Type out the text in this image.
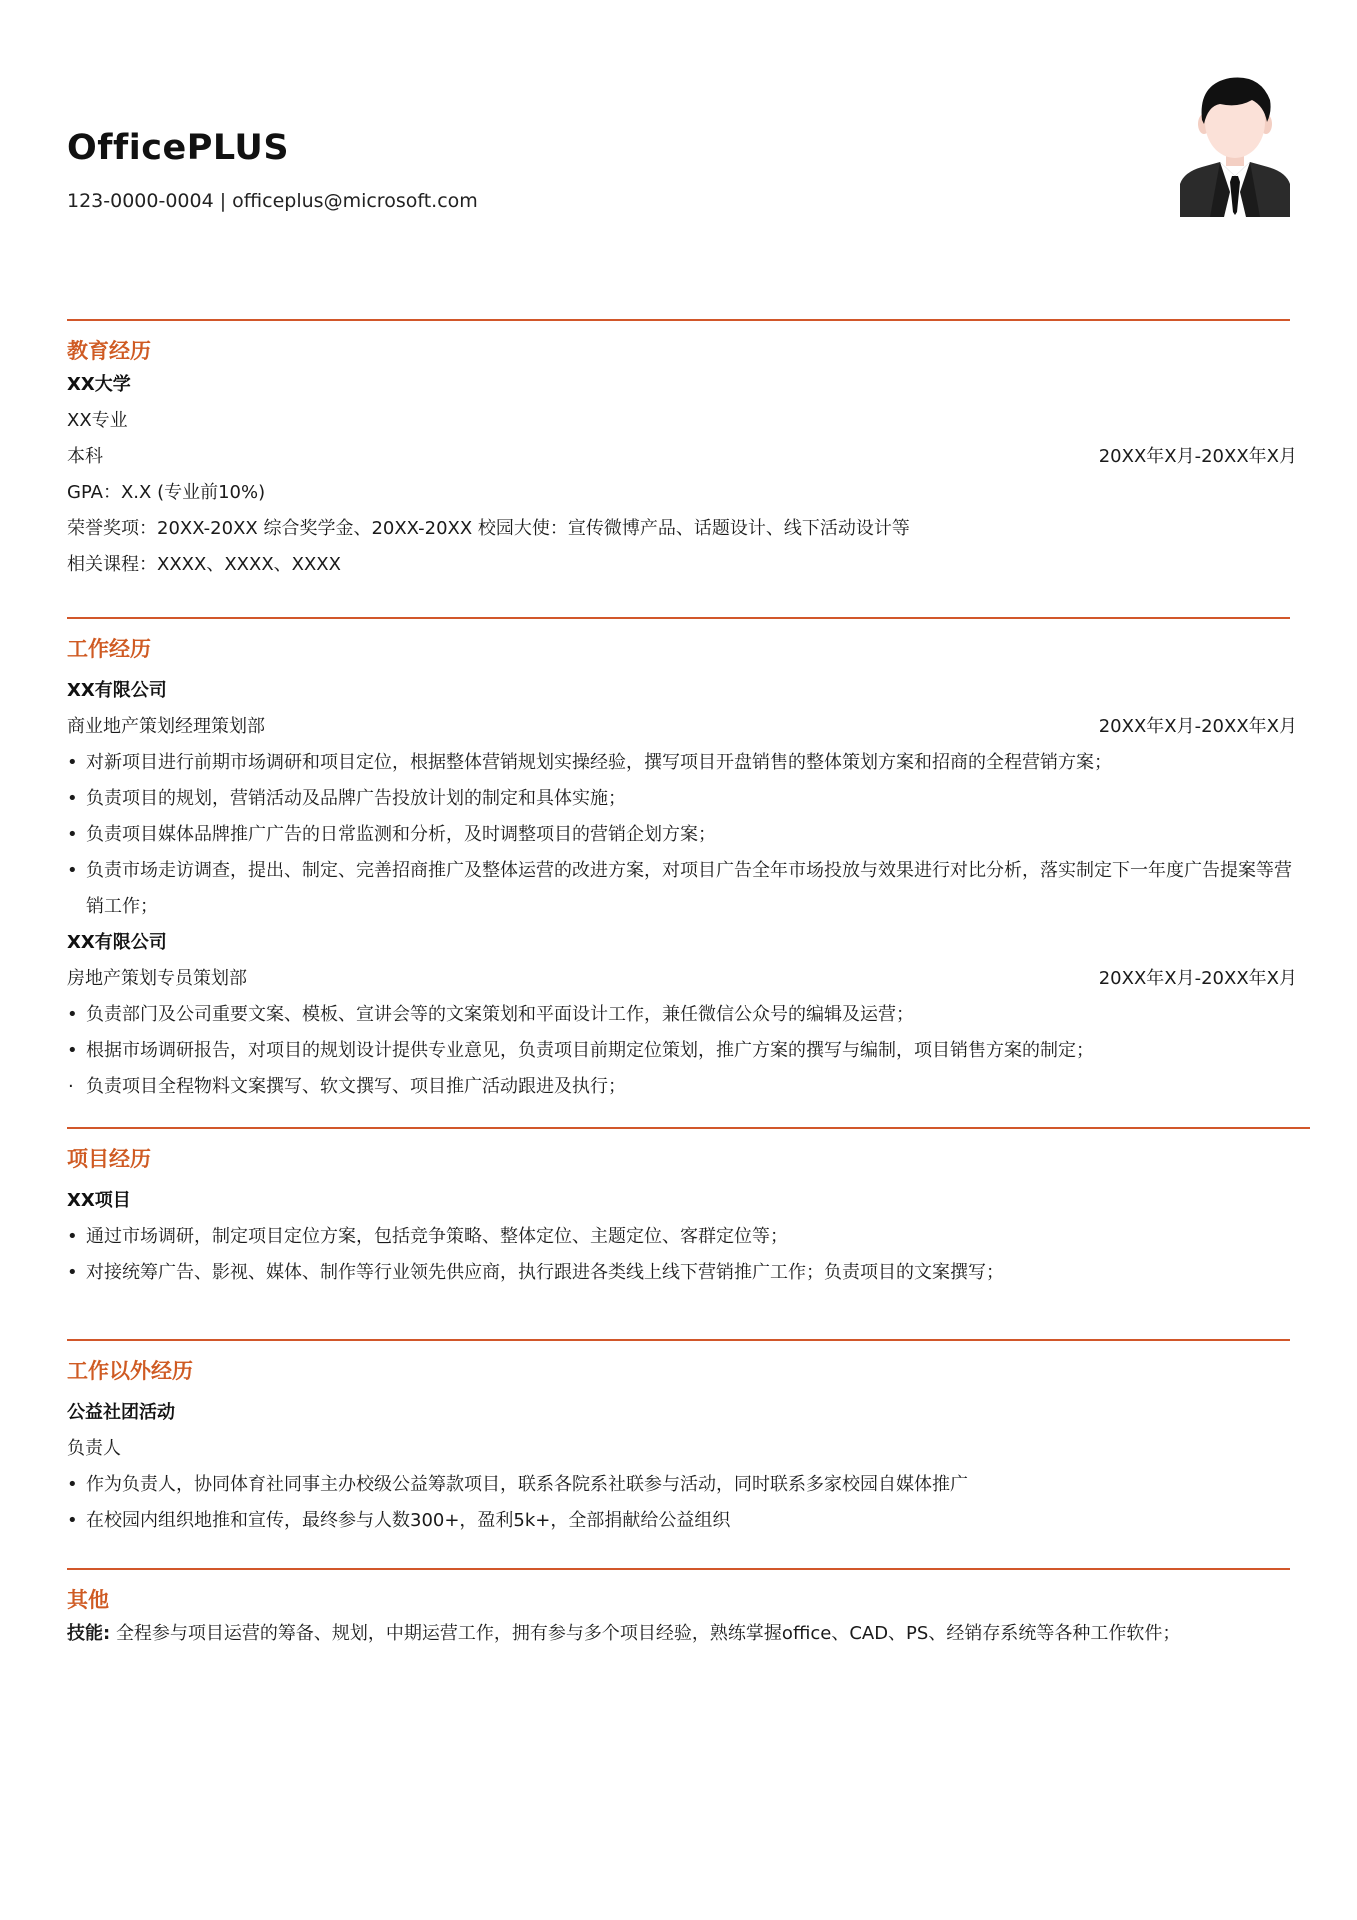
OfficePLUS
123-0000-0004 | officeplus@microsoft.com
教育经历
XX大学
XX专业
本科	20XX年X月-20XX年X月
GPA：X.X (专业前10%)
荣誉奖项：20XX-20XX 综合奖学金、20XX-20XX 校园大使：宣传微博产品、话题设计、线下活动设计等
相关课程：XXXX、XXXX、XXXX
工作经历
XX有限公司
商业地产策划经理策划部	20XX年X月-20XX年X月
• 对新项目进行前期市场调研和项目定位，根据整体营销规划实操经验，撰写项目开盘销售的整体策划方案和招商的全程营销方案；
• 负责项目的规划，营销活动及品牌广告投放计划的制定和具体实施；
• 负责项目媒体品牌推广广告的日常监测和分析，及时调整项目的营销企划方案；
• 负责市场走访调查，提出、制定、完善招商推广及整体运营的改进方案，对项目广告全年市场投放与效果进行对比分析，落实制定下一年度广告提案等营销工作；
XX有限公司
房地产策划专员策划部	20XX年X月-20XX年X月
• 负责部门及公司重要文案、模板、宣讲会等的文案策划和平面设计工作，兼任微信公众号的编辑及运营；
• 根据市场调研报告，对项目的规划设计提供专业意见，负责项目前期定位策划，推广方案的撰写与编制，项目销售方案的制定；
· 负责项目全程物料文案撰写、软文撰写、项目推广活动跟进及执行；
项目经历
XX项目
• 通过市场调研，制定项目定位方案，包括竞争策略、整体定位、主题定位、客群定位等；
• 对接统筹广告、影视、媒体、制作等行业领先供应商，执行跟进各类线上线下营销推广工作；负责项目的文案撰写；
工作以外经历
公益社团活动
负责人
• 作为负责人，协同体育社同事主办校级公益筹款项目，联系各院系社联参与活动，同时联系多家校园自媒体推广
• 在校园内组织地推和宣传，最终参与人数300+，盈利5k+，全部捐献给公益组织
其他
技能: 全程参与项目运营的筹备、规划，中期运营工作，拥有参与多个项目经验，熟练掌握office、CAD、PS、经销存系统等各种工作软件；
